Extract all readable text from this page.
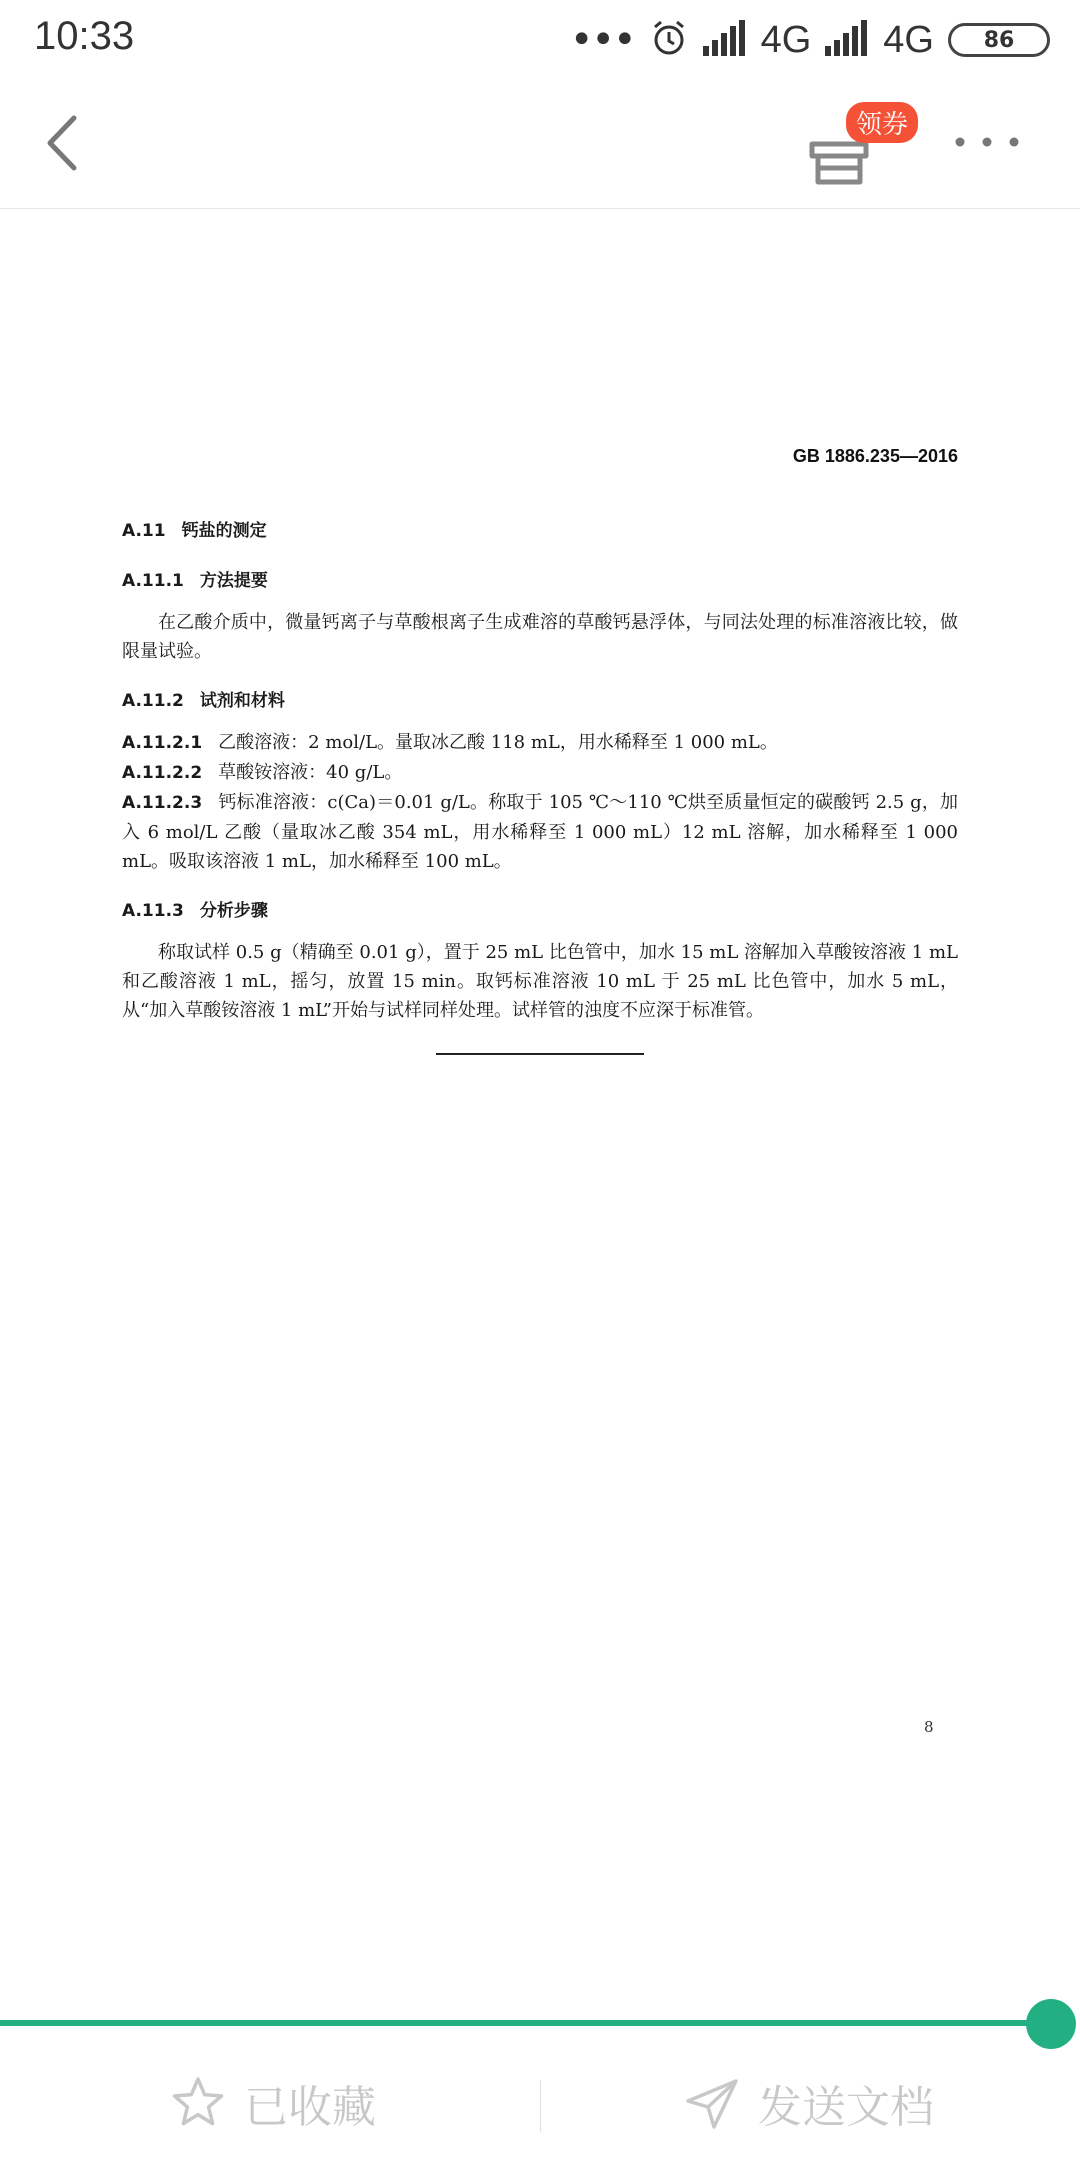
10:33	•••	4G 4G	86
领券
GB 1886.235—2016
A.11 钙盐的测定
A.11.1 方法提要
在乙酸介质中，微量钙离子与草酸根离子生成难溶的草酸钙悬浮体，与同法处理的标准溶液比较，做限量试验。
A.11.2 试剂和材料
A.11.2.1 乙酸溶液：2 mol/L。量取冰乙酸 118 mL，用水稀释至 1 000 mL。
A.11.2.2 草酸铵溶液：40 g/L。
A.11.2.3 钙标准溶液：c(Ca)＝0.01 g/L。称取于 105 ℃～110 ℃烘至质量恒定的碳酸钙 2.5 g，加入 6 mol/L 乙酸（量取冰乙酸 354 mL，用水稀释至 1 000 mL）12 mL 溶解，加水稀释至 1 000 mL。吸取该溶液 1 mL，加水稀释至 100 mL。
A.11.3 分析步骤
称取试样 0.5 g（精确至 0.01 g），置于 25 mL 比色管中，加水 15 mL 溶解加入草酸铵溶液 1 mL 和乙酸溶液 1 mL，摇匀，放置 15 min。取钙标准溶液 10 mL 于 25 mL 比色管中，加水 5 mL，从“加入草酸铵溶液 1 mL”开始与试样同样处理。试样管的浊度不应深于标准管。
8
已收藏	发送文档
